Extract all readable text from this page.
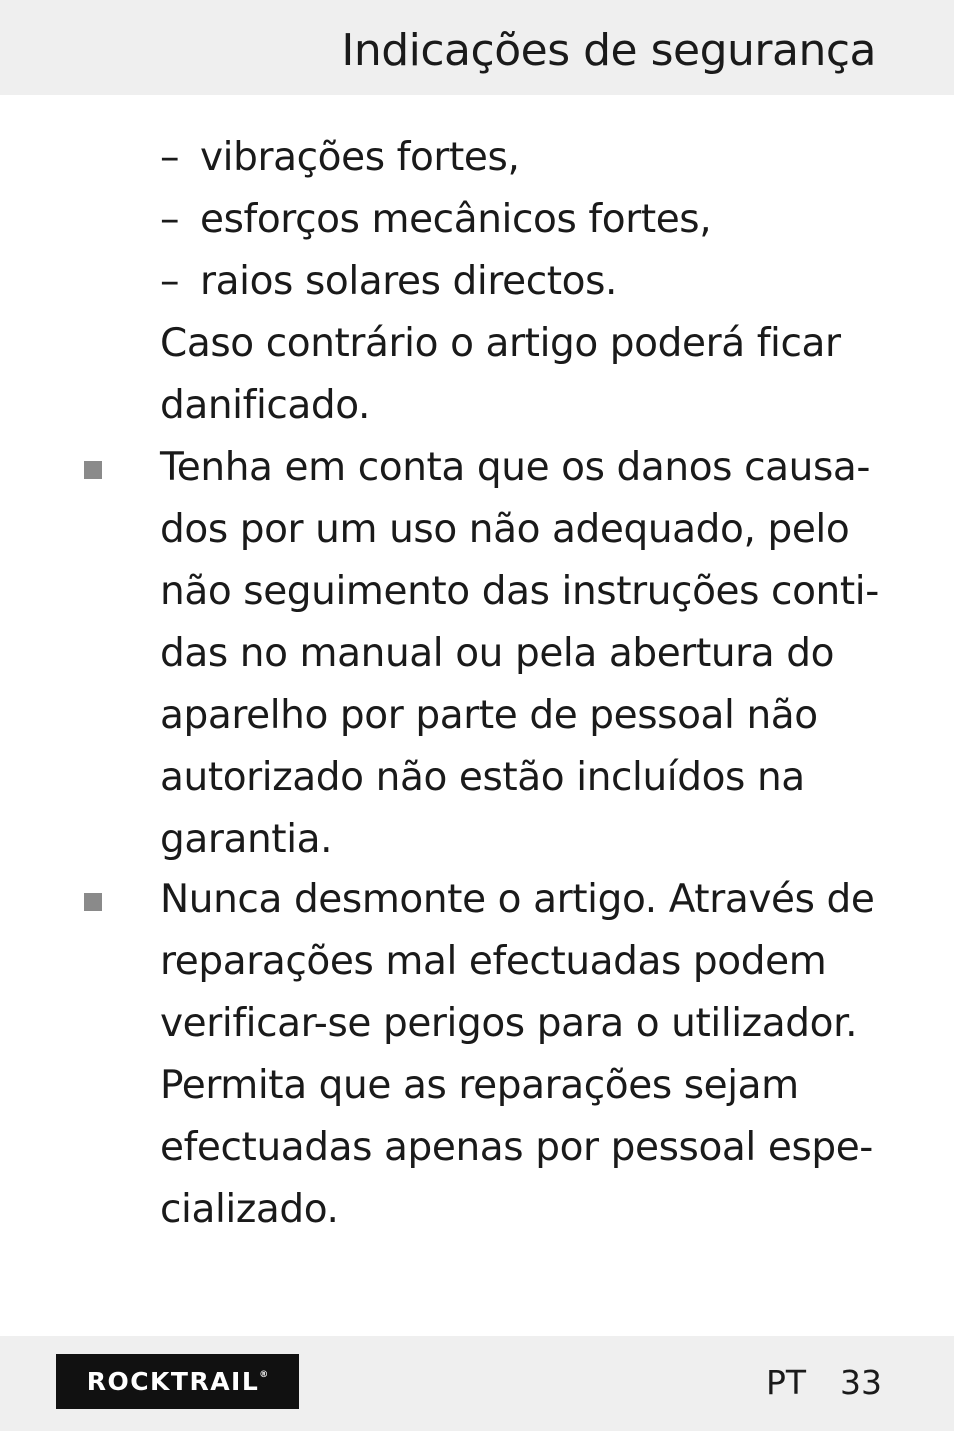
Indicações de segurança
– vibrações fortes,
– esforços mecânicos fortes,
– raios solares directos.
Caso contrário o artigo poderá ficar
danificado.
Tenha em conta que os danos causa-
dos por um uso não adequado, pelo
não seguimento das instruções conti-
das no manual ou pela abertura do
aparelho por parte de pessoal não
autorizado não estão incluídos na
garantia.
Nunca desmonte o artigo. Através de
reparações mal efectuadas podem
verificar-se perigos para o utilizador.
Permita que as reparações sejam
efectuadas apenas por pessoal espe-
cializado.
ROCKTRAIL®	PT 33
